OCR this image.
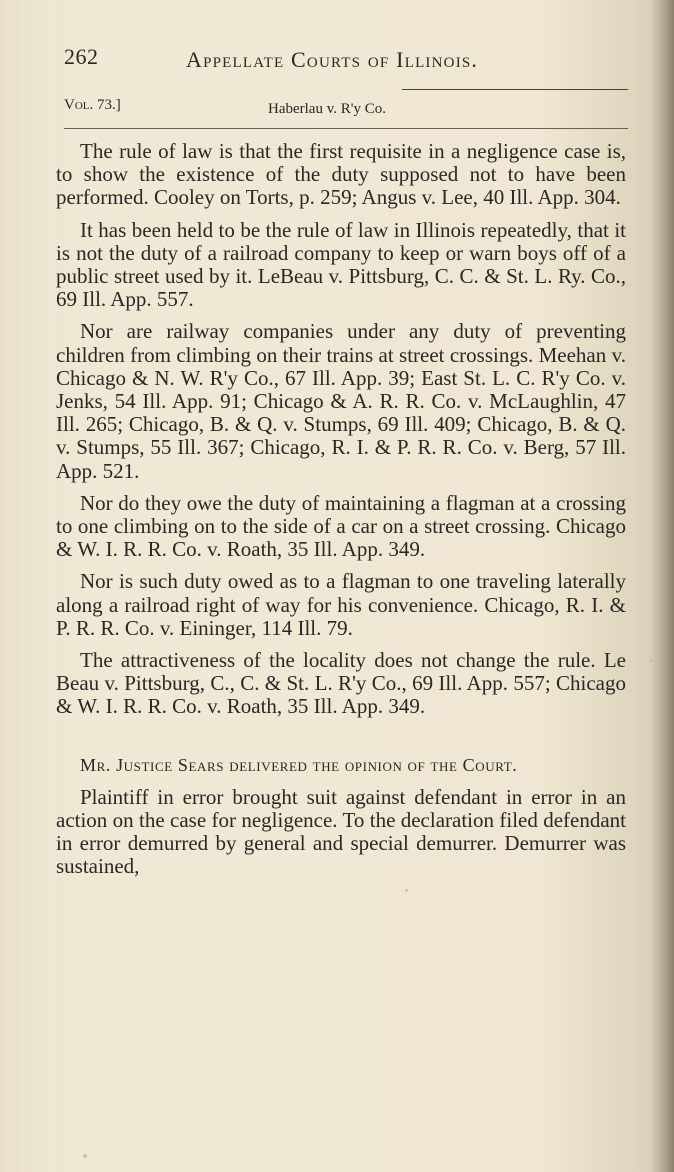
262	Appellate Courts of Illinois.
Vol. 73.]	Haberlau v. R'y Co.

The rule of law is that the first requisite in a negligence case is, to show the existence of the duty supposed not to have been performed. Cooley on Torts, p. 259; Angus v. Lee, 40 Ill. App. 304.

It has been held to be the rule of law in Illinois repeatedly, that it is not the duty of a railroad company to keep or warn boys off of a public street used by it. LeBeau v. Pittsburg, C. C. & St. L. Ry. Co., 69 Ill. App. 557.

Nor are railway companies under any duty of preventing children from climbing on their trains at street crossings. Meehan v. Chicago & N. W. R'y Co., 67 Ill. App. 39; East St. L. C. R'y Co. v. Jenks, 54 Ill. App. 91; Chicago & A. R. R. Co. v. McLaughlin, 47 Ill. 265; Chicago, B. & Q. v. Stumps, 69 Ill. 409; Chicago, B. & Q. v. Stumps, 55 Ill. 367; Chicago, R. I. & P. R. R. Co. v. Berg, 57 Ill. App. 521.

Nor do they owe the duty of maintaining a flagman at a crossing to one climbing on to the side of a car on a street crossing. Chicago & W. I. R. R. Co. v. Roath, 35 Ill. App. 349.

Nor is such duty owed as to a flagman to one traveling laterally along a railroad right of way for his convenience. Chicago, R. I. & P. R. R. Co. v. Eininger, 114 Ill. 79.

The attractiveness of the locality does not change the rule. Le Beau v. Pittsburg, C., C. & St. L. R'y Co., 69 Ill. App. 557; Chicago & W. I. R. R. Co. v. Roath, 35 Ill. App. 349.

Mr. Justice Sears delivered the opinion of the Court.

Plaintiff in error brought suit against defendant in error in an action on the case for negligence. To the declaration filed defendant in error demurred by general and special demurrer. Demurrer was sustained,
